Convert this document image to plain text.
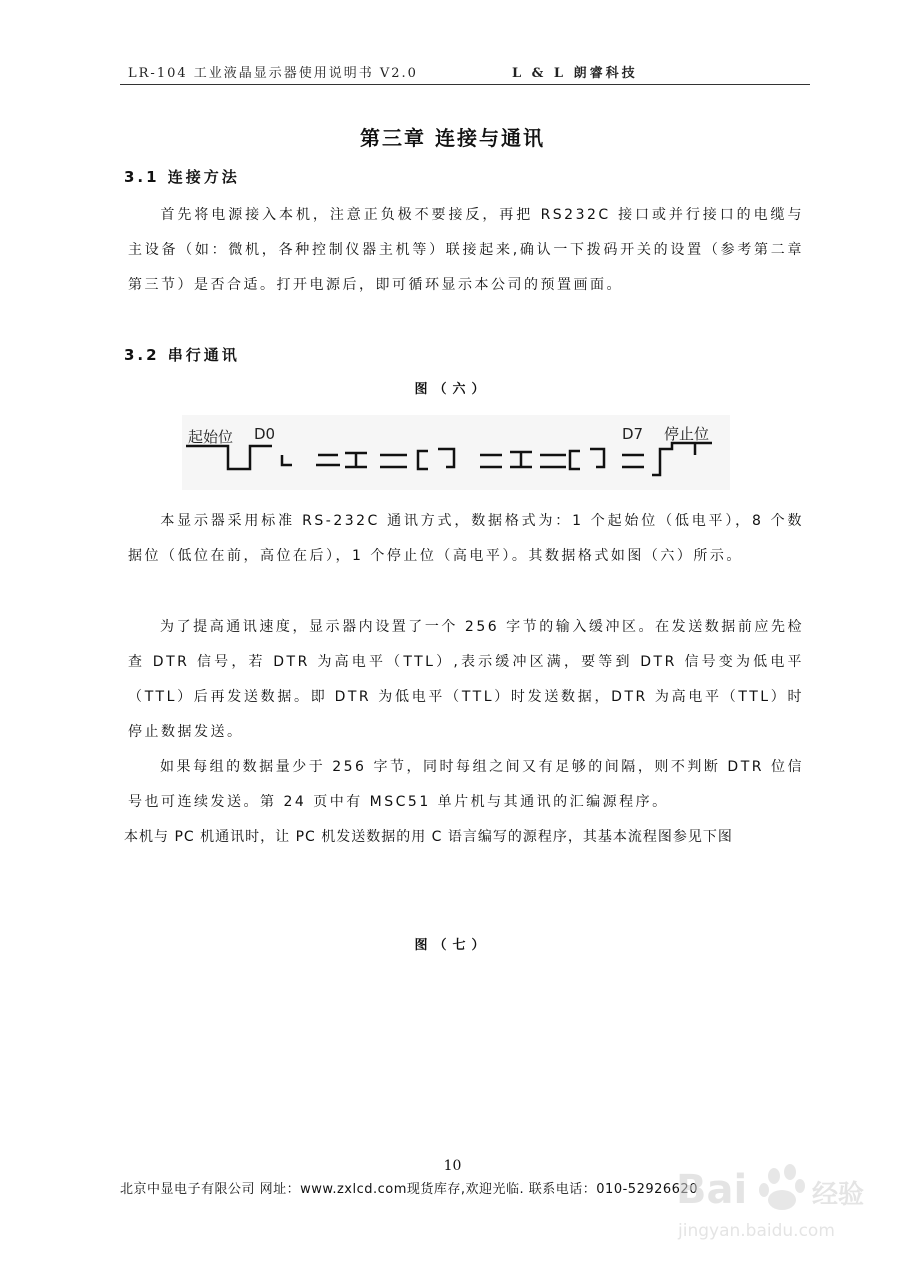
LR-104 工业液晶显示器使用说明书 V2.0	L & L 朗睿科技
第三章 连接与通讯
3.1 连接方法

首先将电源接入本机，注意正负极不要接反，再把 RS232C 接口或并行接口的电缆与主设备（如：微机，各种控制仪器主机等）联接起来,确认一下拨码开关的设置（参考第二章第三节）是否合适。打开电源后，即可循环显示本公司的预置画面。

3.2 串行通讯
图（六）
起始位 D0	D7 停止位

本显示器采用标准 RS-232C 通讯方式，数据格式为：1 个起始位（低电平），8 个数据位（低位在前，高位在后），1 个停止位（高电平）。其数据格式如图（六）所示。

为了提高通讯速度，显示器内设置了一个 256 字节的输入缓冲区。在发送数据前应先检查 DTR 信号，若 DTR 为高电平（TTL）,表示缓冲区满，要等到 DTR 信号变为低电平（TTL）后再发送数据。即 DTR 为低电平（TTL）时发送数据，DTR 为高电平（TTL）时停止数据发送。

如果每组的数据量少于 256 字节，同时每组之间又有足够的间隔，则不判断 DTR 位信号也可连续发送。第 24 页中有 MSC51 单片机与其通讯的汇编源程序。

本机与 PC 机通讯时，让 PC 机发送数据的用 C 语言编写的源程序，其基本流程图参见下图

图（七）
10
北京中显电子有限公司 网址：www.zxlcd.com现货库存,欢迎光临. 联系电话：010-52926620
Bai 经验
jingyan.baidu.com
